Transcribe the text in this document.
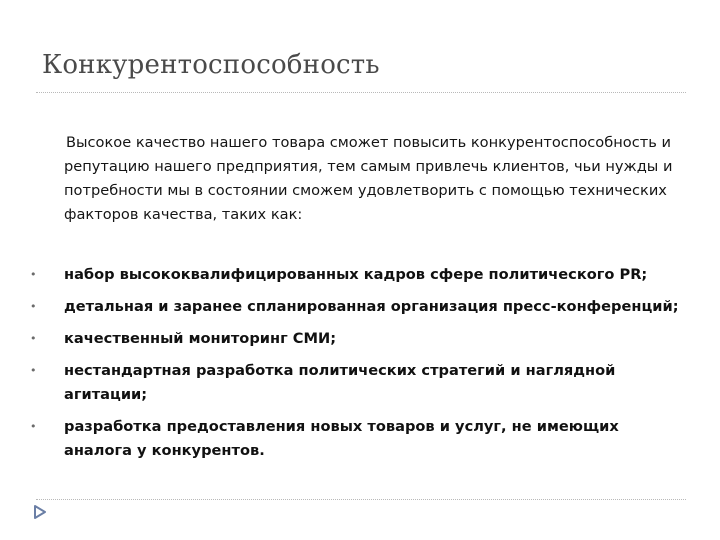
Конкурентоспособность
Высокое качество нашего товара сможет повысить конкурентоспособность и репутацию нашего предприятия, тем самым привлечь клиентов, чьи нужды и потребности мы в состоянии сможем удовлетворить с помощью технических факторов качества, таких как:
• набор высококвалифицированных кадров сфере политического PR;
• детальная и заранее спланированная организация пресс-конференций;
• качественный мониторинг СМИ;
• нестандартная разработка политических стратегий и наглядной агитации;
• разработка предоставления новых товаров и услуг, не имеющих аналога у конкурентов.
